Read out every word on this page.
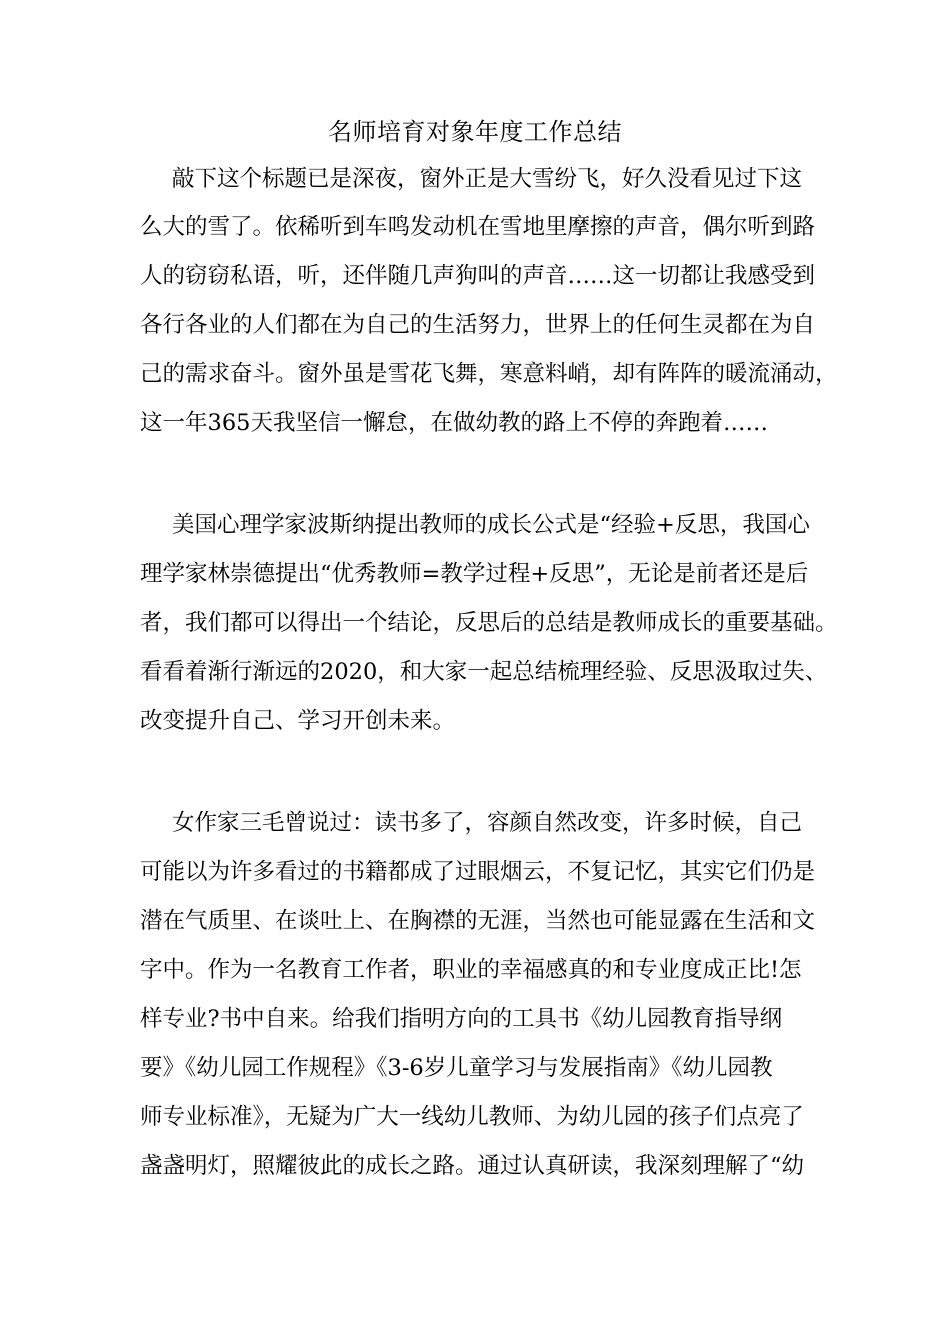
名师培育对象年度工作总结
敲下这个标题已是深夜，窗外正是大雪纷飞，好久没看见过下这
么大的雪了。依稀听到车鸣发动机在雪地里摩擦的声音，偶尔听到路
人的窃窃私语，听，还伴随几声狗叫的声音……这一切都让我感受到
各行各业的人们都在为自己的生活努力，世界上的任何生灵都在为自
己的需求奋斗。窗外虽是雪花飞舞，寒意料峭，却有阵阵的暖流涌动，
这一年365天我坚信一懈怠，在做幼教的路上不停的奔跑着……
美国心理学家波斯纳提出教师的成长公式是“经验+反思，我国心
理学家林崇德提出“优秀教师=教学过程+反思”，无论是前者还是后
者，我们都可以得出一个结论，反思后的总结是教师成长的重要基础。
看看着渐行渐远的2020，和大家一起总结梳理经验、反思汲取过失、
改变提升自己、学习开创未来。
女作家三毛曾说过：读书多了，容颜自然改变，许多时候，自己
可能以为许多看过的书籍都成了过眼烟云，不复记忆，其实它们仍是
潜在气质里、在谈吐上、在胸襟的无涯，当然也可能显露在生活和文
字中。作为一名教育工作者，职业的幸福感真的和专业度成正比!怎
样专业?书中自来。给我们指明方向的工具书《幼儿园教育指导纲
要》《幼儿园工作规程》《3-6岁儿童学习与发展指南》《幼儿园教
师专业标准》，无疑为广大一线幼儿教师、为幼儿园的孩子们点亮了
盏盏明灯，照耀彼此的成长之路。通过认真研读，我深刻理解了“幼
